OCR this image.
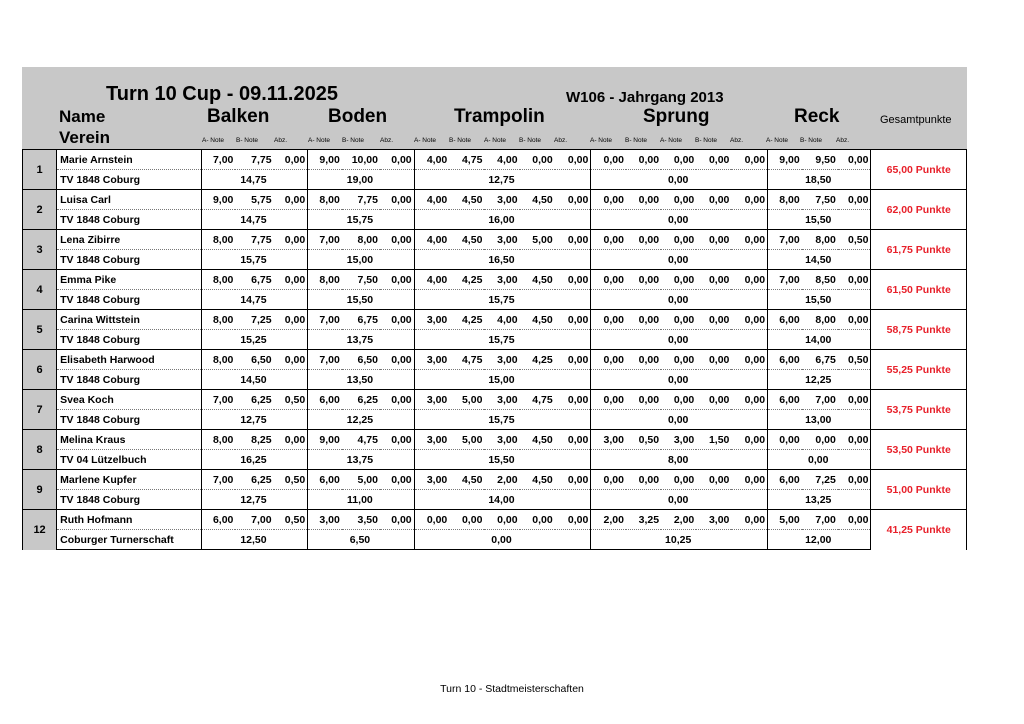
Turn 10 Cup - 09.11.2025	W106 - Jahrgang 2013
Name
Verein
Balken	Boden	Trampolin	Sprung	Reck	Gesamtpunkte
A- Note B- Note Abz.	A- Note B- Note Abz.	A- Note B- Note A- Note B- Note Abz.	A- Note B- Note A- Note B- Note Abz.	A- Note B- Note Abz.
1	Marie Arnstein	7,00	7,75	0,00	9,00	10,00	0,00	4,00	4,75	4,00	0,00	0,00	0,00	0,00	0,00	0,00	0,00	9,00	9,50	0,00	65,00 Punkte
	TV 1848 Coburg	14,75			19,00			12,75					0,00					18,50			
2	Luisa Carl	9,00	5,75	0,00	8,00	7,75	0,00	4,00	4,50	3,00	4,50	0,00	0,00	0,00	0,00	0,00	0,00	8,00	7,50	0,00	62,00 Punkte
	TV 1848 Coburg	14,75			15,75			16,00					0,00					15,50			
3	Lena Zibirre	8,00	7,75	0,00	7,00	8,00	0,00	4,00	4,50	3,00	5,00	0,00	0,00	0,00	0,00	0,00	0,00	7,00	8,00	0,50	61,75 Punkte
	TV 1848 Coburg	15,75			15,00			16,50					0,00					14,50			
4	Emma Pike	8,00	6,75	0,00	8,00	7,50	0,00	4,00	4,25	3,00	4,50	0,00	0,00	0,00	0,00	0,00	0,00	7,00	8,50	0,00	61,50 Punkte
	TV 1848 Coburg	14,75			15,50			15,75					0,00					15,50			
5	Carina Wittstein	8,00	7,25	0,00	7,00	6,75	0,00	3,00	4,25	4,00	4,50	0,00	0,00	0,00	0,00	0,00	0,00	6,00	8,00	0,00	58,75 Punkte
	TV 1848 Coburg	15,25			13,75			15,75					0,00					14,00			
6	Elisabeth Harwood	8,00	6,50	0,00	7,00	6,50	0,00	3,00	4,75	3,00	4,25	0,00	0,00	0,00	0,00	0,00	0,00	6,00	6,75	0,50	55,25 Punkte
	TV 1848 Coburg	14,50			13,50			15,00					0,00					12,25			
7	Svea Koch	7,00	6,25	0,50	6,00	6,25	0,00	3,00	5,00	3,00	4,75	0,00	0,00	0,00	0,00	0,00	0,00	6,00	7,00	0,00	53,75 Punkte
	TV 1848 Coburg	12,75			12,25			15,75					0,00					13,00			
8	Melina Kraus	8,00	8,25	0,00	9,00	4,75	0,00	3,00	5,00	3,00	4,50	0,00	3,00	0,50	3,00	1,50	0,00	0,00	0,00	0,00	53,50 Punkte
	TV 04 Lützelbuch	16,25			13,75			15,50					8,00					0,00			
9	Marlene Kupfer	7,00	6,25	0,50	6,00	5,00	0,00	3,00	4,50	2,00	4,50	0,00	0,00	0,00	0,00	0,00	0,00	6,00	7,25	0,00	51,00 Punkte
	TV 1848 Coburg	12,75			11,00			14,00					0,00					13,25			
12	Ruth Hofmann	6,00	7,00	0,50	3,00	3,50	0,00	0,00	0,00	0,00	0,00	0,00	2,00	3,25	2,00	3,00	0,00	5,00	7,00	0,00	41,25 Punkte
	Coburger Turnerschaft	12,50			6,50			0,00					10,25					12,00			
Turn 10 - Stadtmeisterschaften
